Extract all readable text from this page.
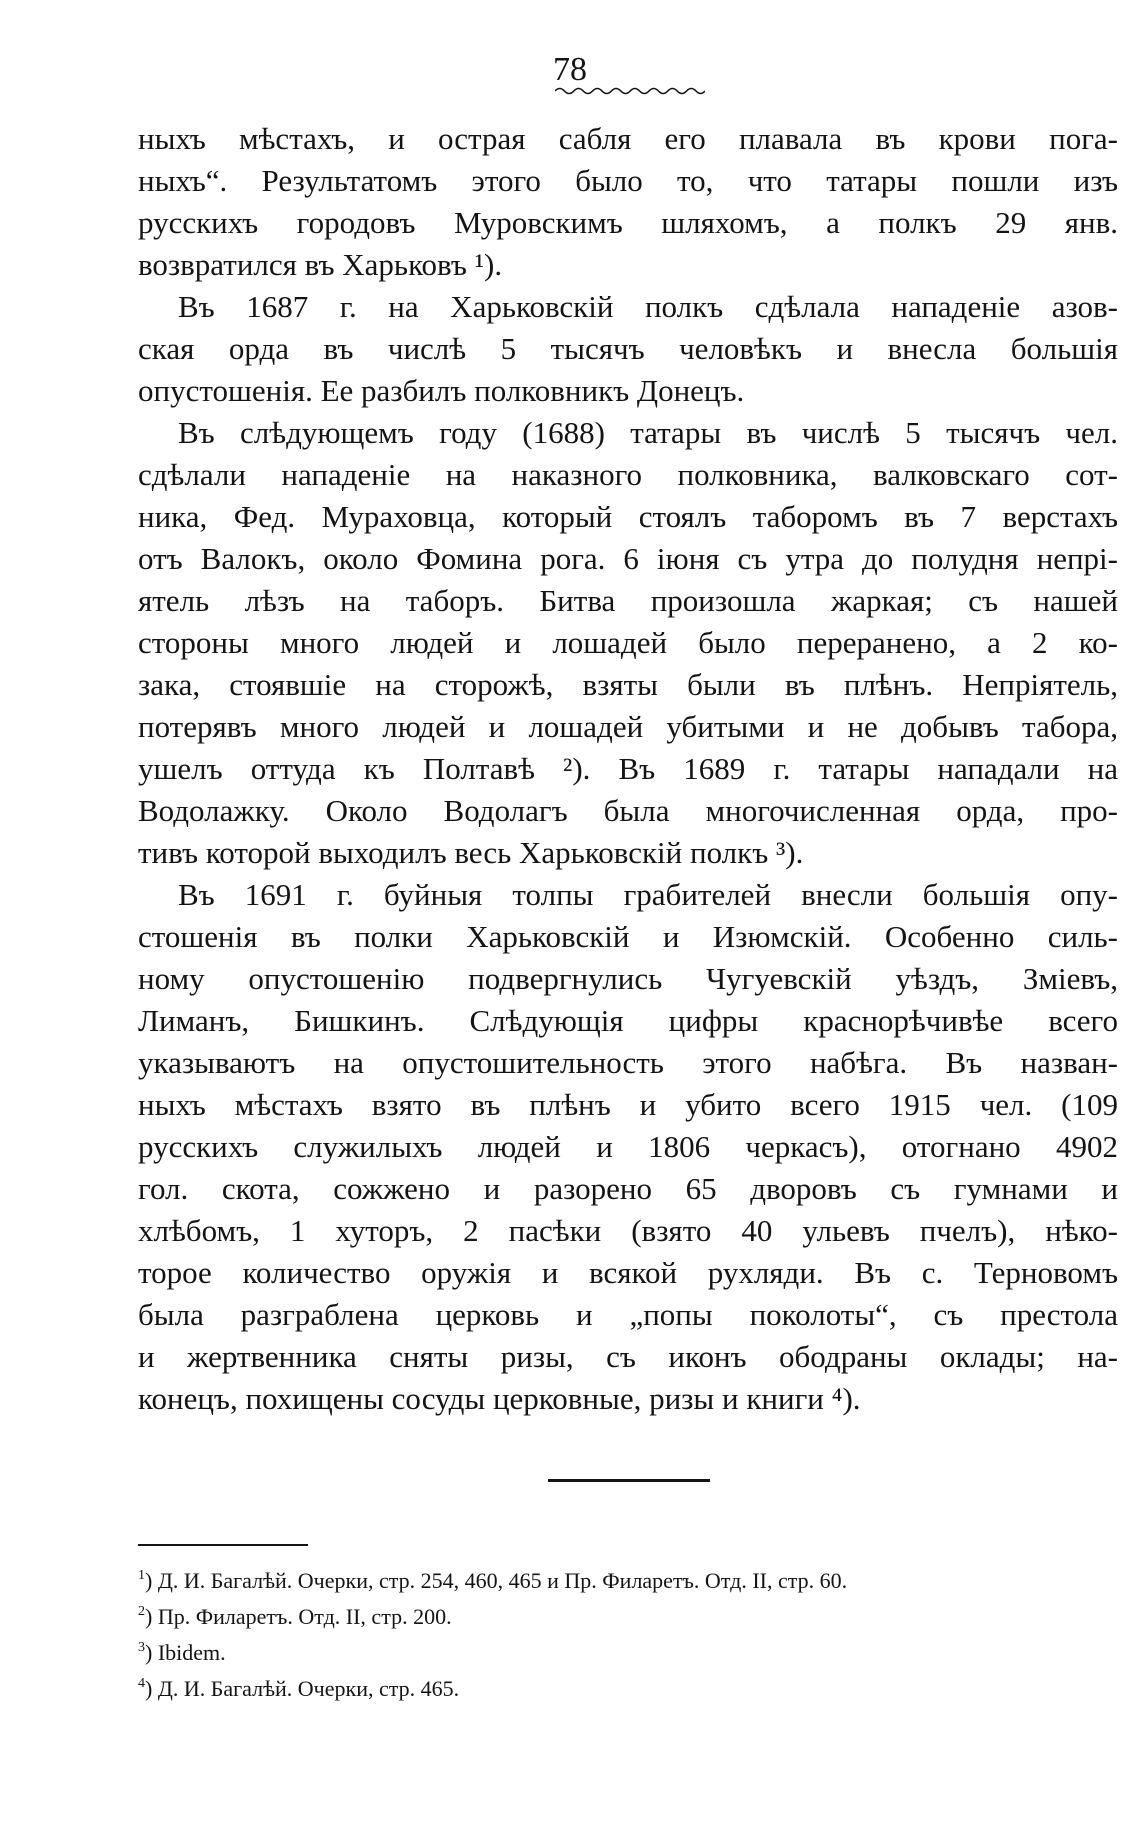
78
ныхъ мѣстахъ, и острая сабля его плавала въ крови пога-
ныхъ“. Результатомъ этого было то, что татары пошли изъ
русскихъ городовъ Муровскимъ шляхомъ, а полкъ 29 янв.
возвратился въ Харьковъ ¹).
Въ 1687 г. на Харьковскій полкъ сдѣлала нападеніе азов-
ская орда въ числѣ 5 тысячъ человѣкъ и внесла большія
опустошенія. Ее разбилъ полковникъ Донецъ.
Въ слѣдующемъ году (1688) татары въ числѣ 5 тысячъ чел.
сдѣлали нападеніе на наказного полковника, валковскаго сот-
ника, Фед. Мураховца, который стоялъ таборомъ въ 7 верстахъ
отъ Валокъ, около Фомина рога. 6 іюня съ утра до полудня непрі-
ятель лѣзъ на таборъ. Битва произошла жаркая; съ нашей
стороны много людей и лошадей было переранено, а 2 ко-
зака, стоявшіе на сторожѣ, взяты были въ плѣнъ. Непріятель,
потерявъ много людей и лошадей убитыми и не добывъ табора,
ушелъ оттуда къ Полтавѣ ²). Въ 1689 г. татары нападали на
Водолажку. Около Водолагъ была многочисленная орда, про-
тивъ которой выходилъ весь Харьковскій полкъ ³).
Въ 1691 г. буйныя толпы грабителей внесли большія опу-
стошенія въ полки Харьковскій и Изюмскій. Особенно силь-
ному опустошенію подвергнулись Чугуевскій уѣздъ, Зміевъ,
Лиманъ, Бишкинъ. Слѣдующія цифры краснорѣчивѣе всего
указываютъ на опустошительность этого набѣга. Въ назван-
ныхъ мѣстахъ взято въ плѣнъ и убито всего 1915 чел. (109
русскихъ служилыхъ людей и 1806 черкасъ), отогнано 4902
гол. скота, сожжено и разорено 65 дворовъ съ гумнами и
хлѣбомъ, 1 хуторъ, 2 пасѣки (взято 40 ульевъ пчелъ), нѣко-
торое количество оружія и всякой рухляди. Въ с. Терновомъ
была разграблена церковь и „попы поколоты“, съ престола
и жертвенника сняты ризы, съ иконъ ободраны оклады; на-
конецъ, похищены сосуды церковные, ризы и книги ⁴).
$^1$) Д. И. Багалѣй. Очерки, стр. 254, 460, 465 и Пр. Филаретъ. Отд. II, стр. 60.
$^2$) Пр. Филаретъ. Отд. II, стр. 200.
$^3$) Ibidem.
$^4$) Д. И. Багалѣй. Очерки, стр. 465.
